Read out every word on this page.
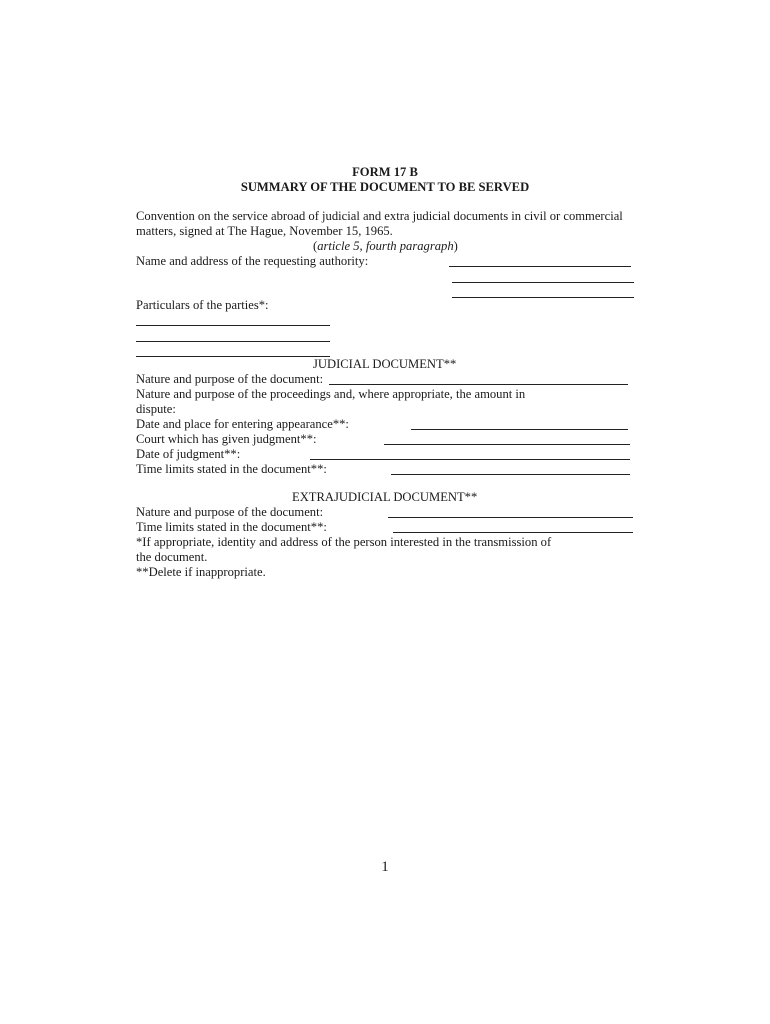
FORM 17 B
SUMMARY OF THE DOCUMENT TO BE SERVED
Convention on the service abroad of judicial and extra judicial documents in civil or commercial
matters, signed at The Hague, November 15, 1965.
(article 5, fourth paragraph)
Name and address of the requesting authority:
Particulars of the parties*:
JUDICIAL DOCUMENT**
Nature and purpose of the document:
Nature and purpose of the proceedings and, where appropriate, the amount in
dispute:
Date and place for entering appearance**:
Court which has given judgment**:
Date of judgment**:
Time limits stated in the document**:
EXTRAJUDICIAL DOCUMENT**
Nature and purpose of the document:
Time limits stated in the document**:
*If appropriate, identity and address of the person interested in the transmission of
the document.
**Delete if inappropriate.
1
